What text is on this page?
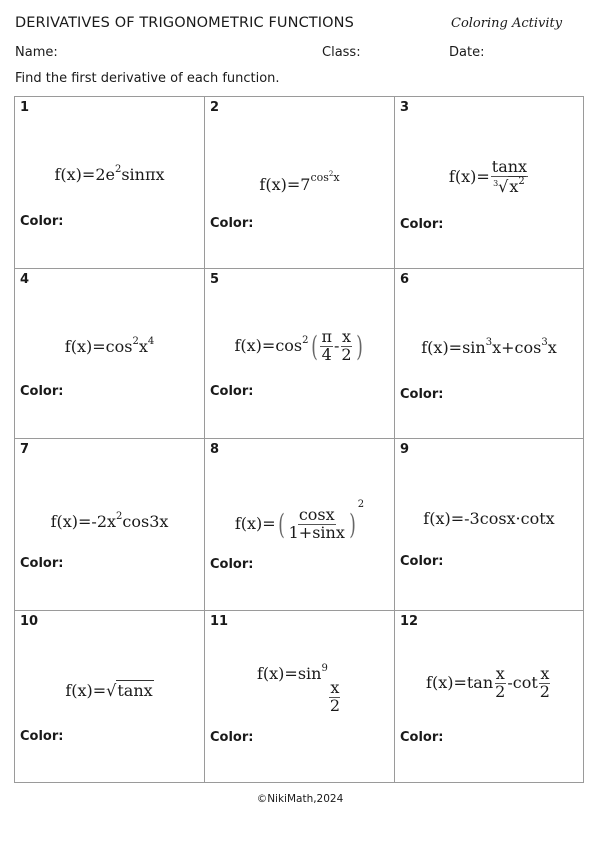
DERIVATIVES OF TRIGONOMETRIC FUNCTIONS	Coloring Activity
Name:	Class:	Date:
Find the first derivative of each function.
1
$f(x)=2e^2\sin\pi x$
Color:
2
$f(x)=7^{cos^2x}$
Color:
3
$f(x)= \frac{\tan x}{^3√x^2}$
Color:
4
$f(x)=\cos^2x^4$
Color:
5
$f(x)=\cos^2( \frac{\pi}{4} - \frac{x}{2}$ )
Color:
6
$f(x)=\sin^3x+\cos^3x$
Color:
7
$f(x)=-2x^2\cos 3x$
Color:
8
$f(x)=( \frac{\cos x}{1+\sin x} )^2$
Color:
9
f(x)=-3cosx·cotx
Color:
10
f(x)=√tanx
Color:
11
$f(x)=\sin^9$
$\frac{x}{2}$
Color:
12
$f(x)=\tan \frac{x}{2} -\cot \frac{x}{2}$
Color:
©NikiMath,2024
